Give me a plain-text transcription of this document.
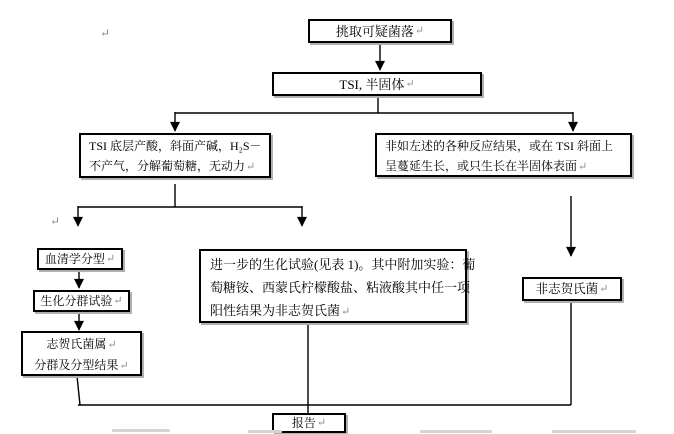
挑取可疑菌落 ↵
TSI, 半固体 ↵
TSI 底层产酸，斜面产碱，H₂S－
不产气，分解葡萄糖，无动力↵
非如左述的各种反应结果，或在 TSI 斜面上
呈蔓延生长，或只生长在半固体表面↵
血清学分型 ↵
生化分群试验 ↵
志贺氏菌属↵
分群及分型结果↵
进一步的生化试验(见表 1)。其中附加实验：葡
萄糖铵、西蒙氏柠檬酸盐、粘液酸其中任一项
阳性结果为非志贺氏菌↵
非志贺氏菌 ↵
报告 ↵
↵
↵
